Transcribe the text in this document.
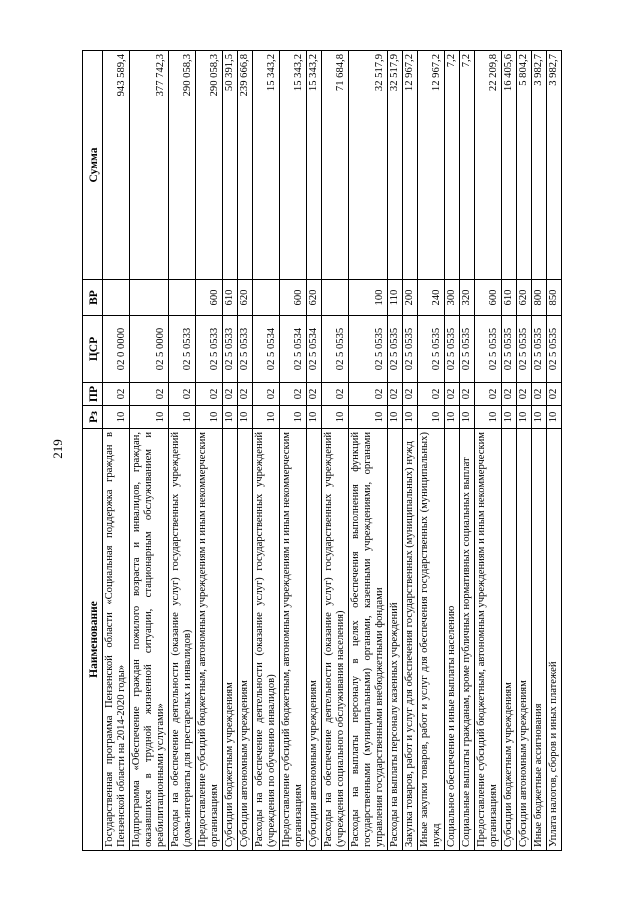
219
Наименование	Рз	ПР	ЦСР	ВР	Сумма
Государственная программа Пензенской области «Социальная поддержка граждан в Пензенской области на 2014-2020 годы»	10	02	02 0 0000		943 589,4
Подпрограмма «Обеспечение граждан пожилого возраста и инвалидов, граждан, оказавшихся в трудной жизненной ситуации, стационарным обслуживанием и реабилитационными услугами»	10	02	02 5 0000		377 742,3
Расходы на обеспечение деятельности (оказание услуг) государственных учреждений (дома-интернаты для престарелых и инвалидов)	10	02	02 5 0533		290 058,3
Предоставление субсидий бюджетным, автономным учреждениям и иным некоммерческим организациям	10	02	02 5 0533	600	290 058,3
Субсидии бюджетным учреждениям	10	02	02 5 0533	610	50 391,5
Субсидии автономным учреждениям	10	02	02 5 0533	620	239 666,8
Расходы на обеспечение деятельности (оказание услуг) государственных учреждений (учреждения по обучению инвалидов)	10	02	02 5 0534		15 343,2
Предоставление субсидий бюджетным, автономным учреждениям и иным некоммерческим организациям	10	02	02 5 0534	600	15 343,2
Субсидии автономным учреждениям	10	02	02 5 0534	620	15 343,2
Расходы на обеспечение деятельности (оказание услуг) государственных учреждений (учреждения социального обслуживания населения)	10	02	02 5 0535		71 684,8
Расходы на выплаты персоналу в целях обеспечения выполнения функций государственными (муниципальными) органами, казенными учреждениями, органами управления государственными внебюджетными фондами	10	02	02 5 0535	100	32 517,9
Расходы на выплаты персоналу казенных учреждений	10	02	02 5 0535	110	32 517,9
Закупка товаров, работ и услуг для обеспечения государственных (муниципальных) нужд	10	02	02 5 0535	200	12 967,2
Иные закупки товаров, работ и услуг для обеспечения государственных (муниципальных) нужд	10	02	02 5 0535	240	12 967,2
Социальное обеспечение и иные выплаты населению	10	02	02 5 0535	300	7,2
Социальные выплаты гражданам, кроме публичных нормативных социальных выплат	10	02	02 5 0535	320	7,2
Предоставление субсидий бюджетным, автономным учреждениям и иным некоммерческим организациям	10	02	02 5 0535	600	22 209,8
Субсидии бюджетным учреждениям	10	02	02 5 0535	610	16 405,6
Субсидии автономным учреждениям	10	02	02 5 0535	620	5 804,2
Иные бюджетные ассигнования	10	02	02 5 0535	800	3 982,7
Уплата налогов, сборов и иных платежей	10	02	02 5 0535	850	3 982,7
